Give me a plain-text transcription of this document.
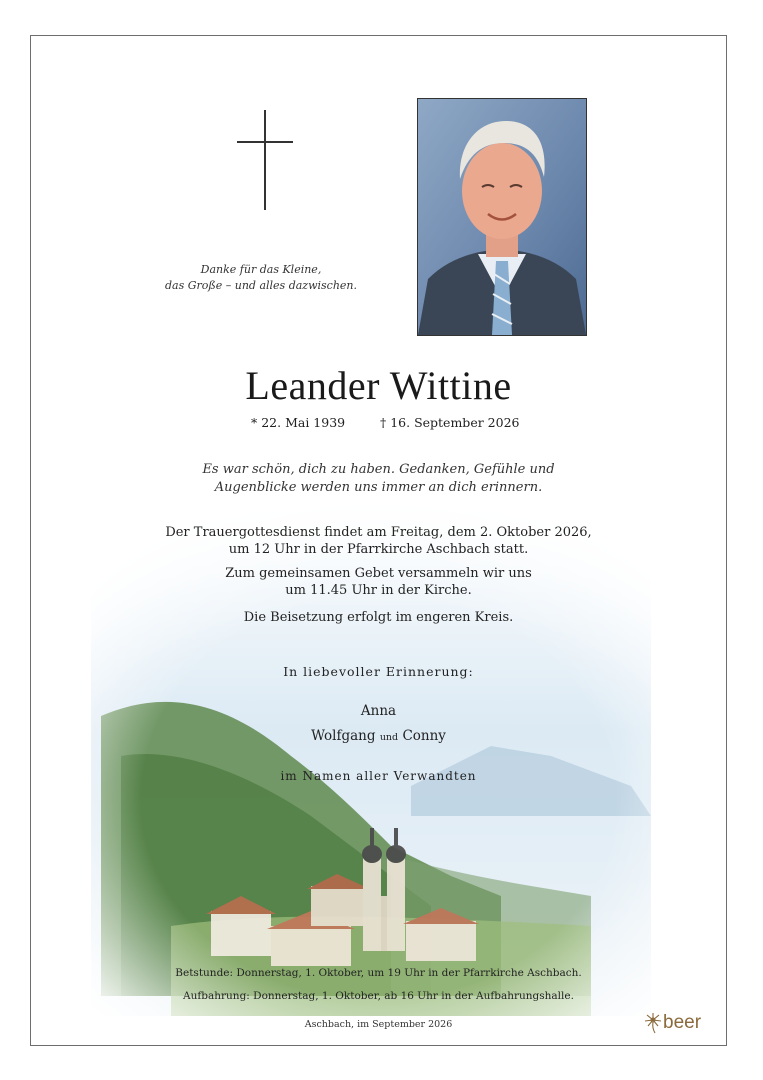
Danke für das Kleine,
das Große – und alles dazwischen.
Leander Wittine
* 22. Mai 1939	† 16. September 2026
Es war schön, dich zu haben. Gedanken, Gefühle und
Augenblicke werden uns immer an dich erinnern.
Der Trauergottesdienst findet am Freitag, dem 2. Oktober 2026,
um 12 Uhr in der Pfarrkirche Aschbach statt.
Zum gemeinsamen Gebet versammeln wir uns
um 11.45 Uhr in der Kirche.
Die Beisetzung erfolgt im engeren Kreis.
In liebevoller Erinnerung:
Anna
Wolfgang und Conny
im Namen aller Verwandten
Betstunde: Donnerstag, 1. Oktober, um 19 Uhr in der Pfarrkirche Aschbach.
Aufbahrung: Donnerstag, 1. Oktober, ab 16 Uhr in der Aufbahrungshalle.
Aschbach, im September 2026	beer
